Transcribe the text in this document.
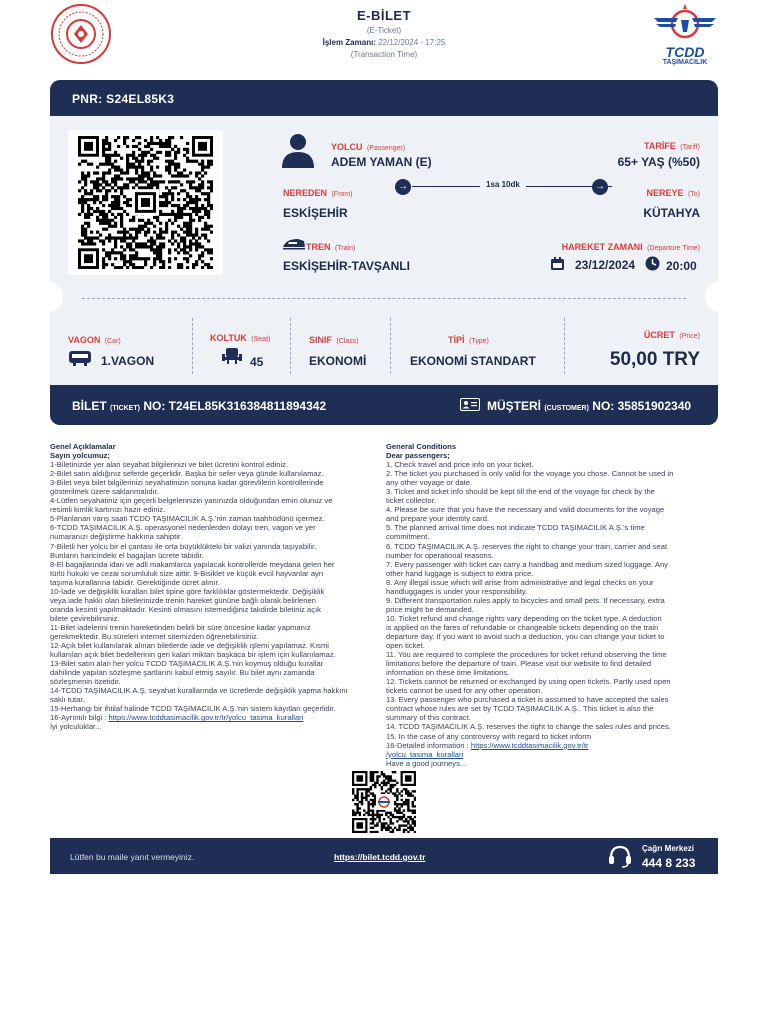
E-BİLET
(E-Ticket)
İşlem Zamanı: 22/12/2024 - 17:25
(Transaction Time)	TCDD
TAŞIMACILIK
PNR: S24EL85K3
YOLCU (Passenger)
ADEM YAMAN (E)
TARİFE (Tariff)
65+ YAŞ (%50)
NEREDEN (From)
ESKİŞEHİR
→	→
1sa 10dk
NEREYE (To)
KÜTAHYA
TREN (Train)
ESKİŞEHİR-TAVŞANLI
HAREKET ZAMANI (Departure Time)
23/12/2024	20:00
VAGON (Car)
1.VAGON
KOLTUK (Seat)
45
SINIF (Class)
EKONOMİ
TİPİ (Type)
EKONOMİ STANDART
ÜCRET (Price)
50,00 TRY
BİLET (TICKET) NO: T24EL85K316384811894342	MÜŞTERİ (CUSTOMER) NO: 35851902340
Genel Açıklamalar
Sayın yolcumuz;
1-Biletinizde yer alan seyahat bilgilerinizi ve bilet ücretini kontrol ediniz.
2-Bilet satın aldığınız seferde geçerlidir. Başka bir sefer veya günde kullanılamaz.
3-Bilet veya bilet bilgilerinizi seyahatinizin sonuna kadar görevlilerin kontrollerinde
gösterilmek üzere saklanmalıdır.
4-Lütfen seyahatiniz için geçerli belgelerinizin yanınızda olduğundan emin olunuz ve
resimli kimlik kartınızı hazır ediniz.
5-Planlanan varış saati TCDD TAŞIMACILIK A.Ş.'nin zaman taahhüdünü içermez.
6-TCDD TAŞIMACILIK A.Ş. operasyonel nedenlerden dolayı tren, vagon ve yer
numaranızı değiştirme hakkına sahiptir.
7-Biletli her yolcu bir el çantası ile orta büyüklükteki bir valizi yanında taşıyabilir.
Bunların haricindeki el bagajları ücrete tabidir.
8-El bagajlarında idari ve adli makamlarca yapılacak kontrollerde meydana gelen her
türlü hukuki ve cezai sorumluluk size aittir. 9-Bisiklet ve küçük evcil hayvanlar ayrı
taşıma kurallarına tabidir. Gerektiğinde ücret alınır.
10-İade ve değişiklik kuralları bilet tipine göre farklılıklar göstermektedir. Değişiklik
veya iade hakkı olan biletlerinizde trenin hareket gününe bağlı olarak belirlenen
oranda kesinti yapılmaktadır. Kesinti olmasını istemediğiniz takdirde biletiniz açık
bilete çevirebilirsiniz.
11-Bilet iadelerini trenin hareketinden belirli bir süre öncesine kadar yapmanız
gerekmektedir. Bu süreleri internet sitemizden öğrenebilirsiniz.
12-Açık bilet kullanılarak alınan biletlerde iade ve değişiklik işlemi yapılamaz. Kısmi
kullanılan açık bilet bedellerinin geri kalan miktarı başkaca bir işlem için kullanılamaz.
13-Bilet satın alan her yolcu TCDD TAŞIMACILIK A.Ş.'nin koymuş olduğu kurallar
dahilinde yapılan sözleşme şartlarını kabul etmiş sayılır. Bu bilet aynı zamanda
sözleşmenin özetidir.
14-TCDD TAŞIMACILIK A.Ş. seyahat kurallarında ve ücretlerde değişiklik yapma hakkını
saklı tutar.
15-Herhangi bir ihtilaf halinde TCDD TAŞIMACILIK A.Ş.'nin sistem kayıtları geçerlidir.
16-Ayrıntılı bilgi : https://www.tcddtasimacilik.gov.tr/tr/yolcu_tasima_kurallari
İyi yolculuklar...
General Conditions
Dear passengers;
1. Check travel and price info on your ticket.
2. The ticket you purchased is only valid for the voyage you chose. Cannot be used in
any other voyage or date.
3. Ticket and ticket info should be kept till the end of the voyage for check by the
ticket collector.
4. Please be sure that you have the necessary and valid documents for the voyage
and prepare your identity card.
5. The planned arrival time does not indicate TCDD TAŞIMACILIK A.Ş.'s time
commitment.
6. TCDD TAŞIMACILIK A.Ş. reserves the right to change your train, carrier and seat
number for operational reasons.
7. Every passenger with ticket can carry a handbag and medium sized luggage. Any
other hand luggage is subject to extra price.
8. Any illegal issue which will arise from administrative and legal checks on your
handluggages is under your responsibility.
9. Different transportation rules apply to bicycles and small pets. If necessary, extra
price might be demanded.
10. Ticket refund and change rights vary depending on the ticket type. A deduction
is applied on the fares of refundable or changeable tickets depending on the train
departure day. If you want to avoid such a deduction, you can change your ticket to
open ticket.
11. You are required to complete the procedures for ticket refund observing the time
limitations before the departure of train. Please visit our website to find detailed
information on these time limitations.
12. Tickets cannot be returned or exchanged by using open tickets. Partly used open
tickets cannot be used for any other operation.
13. Every passenger who purchased a ticket is assumed to have accepted the sales
contract whose rules are set by TCDD TAŞIMACILIK A.Ş.. This ticket is also the
summary of this contract.
14. TCDD TAŞIMACILIK A.Ş. reserves the right to change the sales rules and prices.
15. In the case of any controversy with regard to ticket inform
16-Detailed information : https://www.tcddtasimacilik.gov.tr/tr
/yolcu_tasima_kurallari
Have a good journeys...
Lütfen bu maile yanıt vermeyiniz.	https://bilet.tcdd.gov.tr
Çağrı Merkezi
444 8 233
